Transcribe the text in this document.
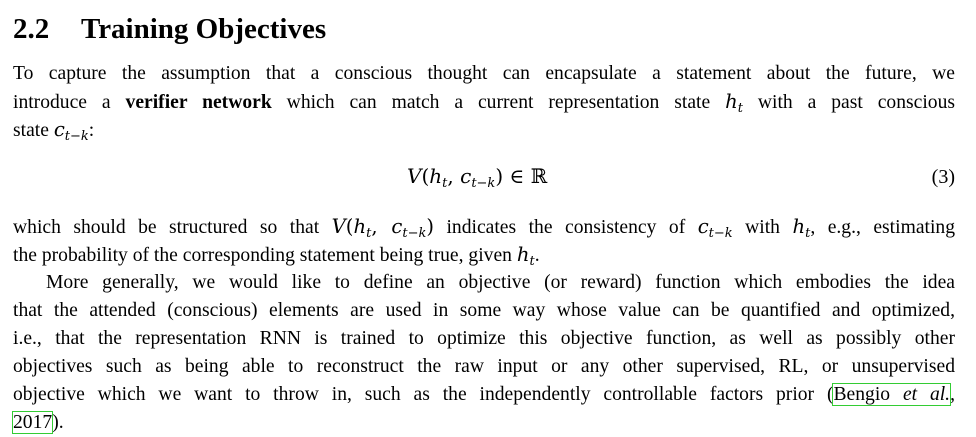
2.2 Training Objectives

To capture the assumption that a conscious thought can encapsulate a statement about the future, we
introduce a verifier network which can match a current representation state $h_t$ with a past conscious
state $c_{t-k}$:

$V(h_t$, $c_{t-k}$) ∈ ℝ	(3)

which should be structured so that $V(h_t$, $c_{t-k}$) indicates the consistency of $c_{t-k}$ with $h_t$, e.g., estimating
the probability of the corresponding statement being true, given $h_t$.

More generally, we would like to define an objective (or reward) function which embodies the idea
that the attended (conscious) elements are used in some way whose value can be quantified and optimized,
i.e., that the representation RNN is trained to optimize this objective function, as well as possibly other
objectives such as being able to reconstruct the raw input or any other supervised, RL, or unsupervised
objective which we want to throw in, such as the independently controllable factors prior (Bengio et al.,
2017).
